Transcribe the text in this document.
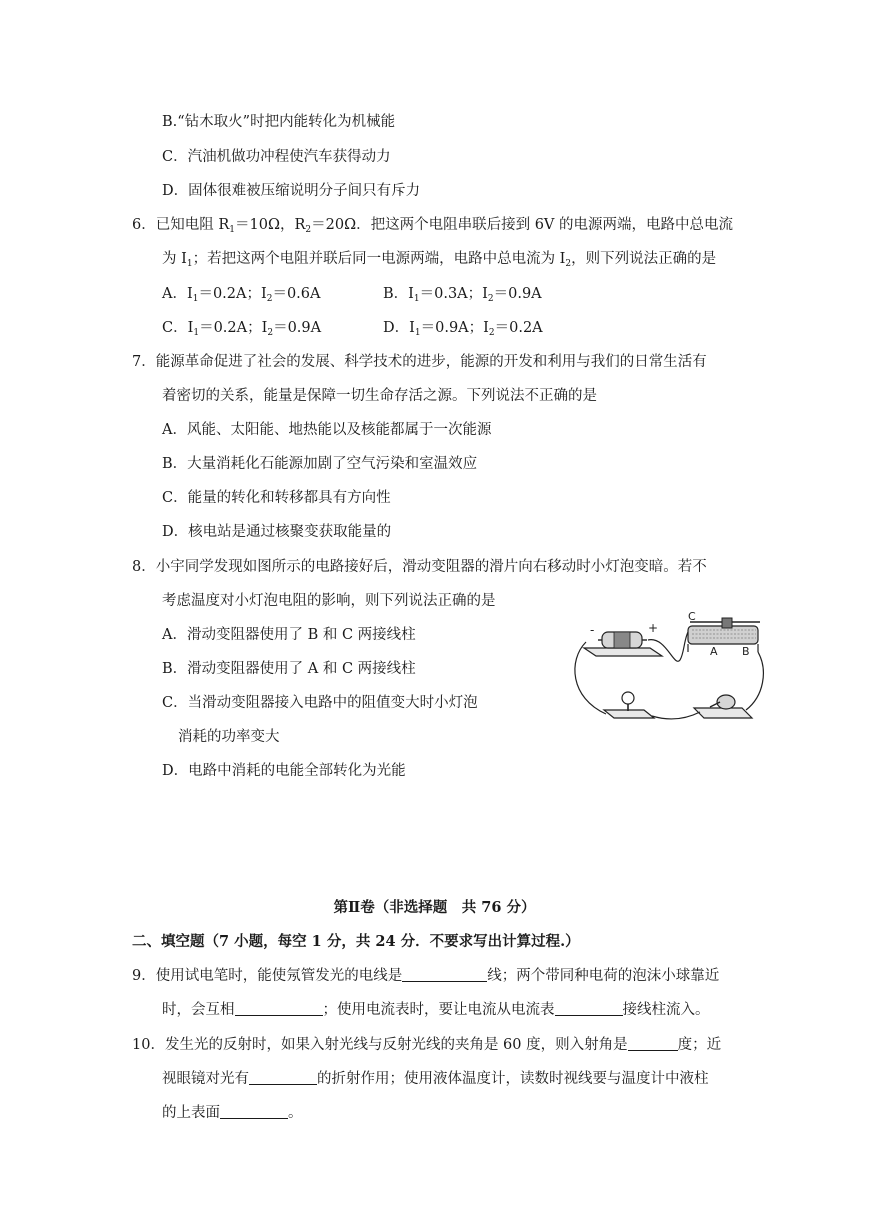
B.“钻木取火”时把内能转化为机械能
C．汽油机做功冲程使汽车获得动力
D．固体很难被压缩说明分子间只有斥力
6．已知电阻 $R_1=10\Omega$，$R_2=20\Omega$．把这两个电阻串联后接到 6V 的电源两端，电路中总电流
为 $I_1$；若把这两个电阻并联后同一电源两端，电路中总电流为 $I_2$，则下列说法正确的是
A．$I_1=0.2A$；$I_2=0.6A$	B．$I_1=0.3A$；$I_2=0.9A$
C．$I_1=0.2A$；$I_2=0.9A$	D．$I_1=0.9A$；$I_2=0.2A$
7．能源革命促进了社会的发展、科学技术的进步，能源的开发和利用与我们的日常生活有
着密切的关系，能量是保障一切生命存活之源。下列说法不正确的是
A．风能、太阳能、地热能以及核能都属于一次能源
B．大量消耗化石能源加剧了空气污染和室温效应
C．能量的转化和转移都具有方向性
D．核电站是通过核聚变获取能量的
8．小宇同学发现如图所示的电路接好后，滑动变阻器的滑片向右移动时小灯泡变暗。若不
考虑温度对小灯泡电阻的影响，则下列说法正确的是
A．滑动变阻器使用了 B 和 C 两接线柱
B．滑动变阻器使用了 A 和 C 两接线柱
C．当滑动变阻器接入电路中的阻值变大时小灯泡
消耗的功率变大
D．电路中消耗的电能全部转化为光能
-	+
C
A B
第Ⅱ卷（非选择题　共 76 分）
二、填空题（7 小题，每空 1 分，共 24 分．不要求写出计算过程.）
9．使用试电笔时，能使氖管发光的电线是	线；两个带同种电荷的泡沫小球靠近
时，会互相	；使用电流表时，要让电流从电流表	接线柱流入。
10．发生光的反射时，如果入射光线与反射光线的夹角是 60 度，则入射角是	度；近
视眼镜对光有	的折射作用；使用液体温度计，读数时视线要与温度计中液柱
的上表面	。
